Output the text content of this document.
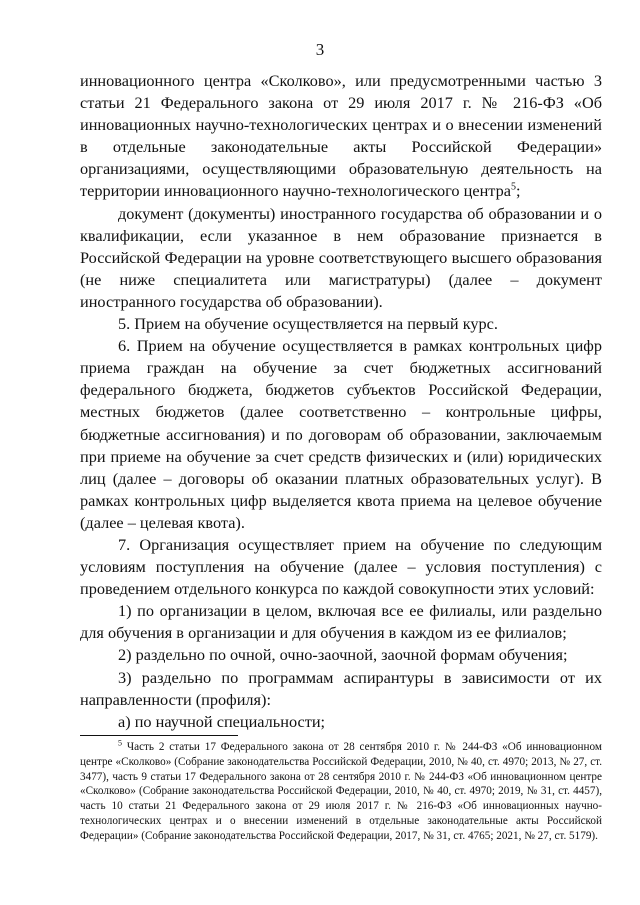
3

инновационного центра «Сколково», или предусмотренными частью 3 статьи 21 Федерального закона от 29 июля 2017 г. № 216-ФЗ «Об инновационных научно-технологических центрах и о внесении изменений в отдельные законодательные акты Российской Федерации» организациями, осуществляющими образовательную деятельность на территории инновационного научно-технологического центра$^5$;

документ (документы) иностранного государства об образовании и о квалификации, если указанное в нем образование признается в Российской Федерации на уровне соответствующего высшего образования (не ниже специалитета или магистратуры) (далее – документ иностранного государства об образовании).

5. Прием на обучение осуществляется на первый курс.

6. Прием на обучение осуществляется в рамках контрольных цифр приема граждан на обучение за счет бюджетных ассигнований федерального бюджета, бюджетов субъектов Российской Федерации, местных бюджетов (далее соответственно – контрольные цифры, бюджетные ассигнования) и по договорам об образовании, заключаемым при приеме на обучение за счет средств физических и (или) юридических лиц (далее – договоры об оказании платных образовательных услуг). В рамках контрольных цифр выделяется квота приема на целевое обучение (далее – целевая квота).

7. Организация осуществляет прием на обучение по следующим условиям поступления на обучение (далее – условия поступления) с проведением отдельного конкурса по каждой совокупности этих условий:

1) по организации в целом, включая все ее филиалы, или раздельно для обучения в организации и для обучения в каждом из ее филиалов;

2) раздельно по очной, очно-заочной, заочной формам обучения;

3) раздельно по программам аспирантуры в зависимости от их направленности (профиля):

а) по научной специальности;

$^5$ Часть 2 статьи 17 Федерального закона от 28 сентября 2010 г. № 244-ФЗ «Об инновационном центре «Сколково» (Собрание законодательства Российской Федерации, 2010, № 40, ст. 4970; 2013, № 27, ст. 3477), часть 9 статьи 17 Федерального закона от 28 сентября 2010 г. № 244-ФЗ «Об инновационном центре «Сколково» (Собрание законодательства Российской Федерации, 2010, № 40, ст. 4970; 2019, № 31, ст. 4457), часть 10 статьи 21 Федерального закона от 29 июля 2017 г. № 216-ФЗ «Об инновационных научно-технологических центрах и о внесении изменений в отдельные законодательные акты Российской Федерации» (Собрание законодательства Российской Федерации, 2017, № 31, ст. 4765; 2021, № 27, ст. 5179).
